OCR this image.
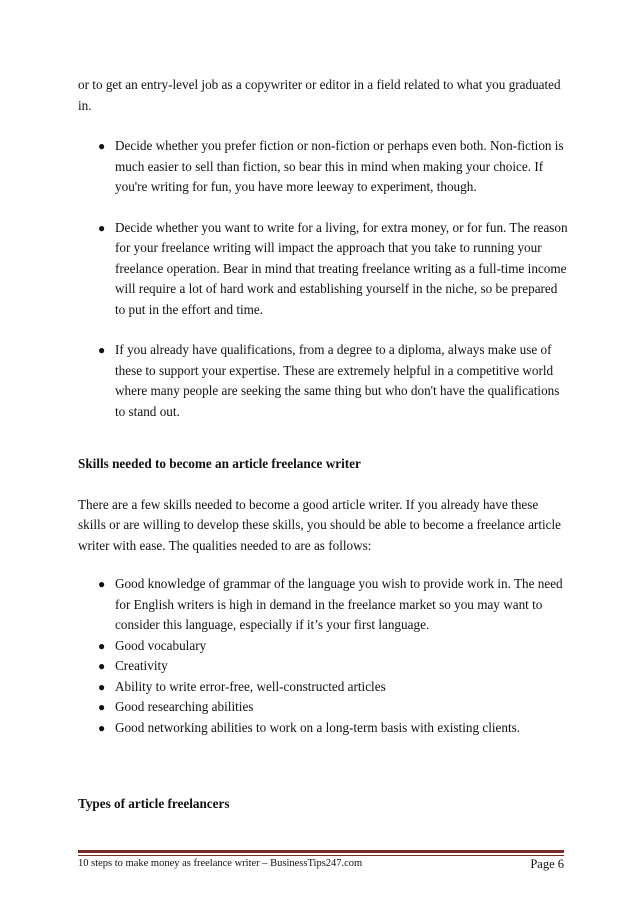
or to get an entry-level job as a copywriter or editor in a field related to what you graduated in.

● Decide whether you prefer fiction or non-fiction or perhaps even both. Non-fiction is much easier to sell than fiction, so bear this in mind when making your choice. If you're writing for fun, you have more leeway to experiment, though.
● Decide whether you want to write for a living, for extra money, or for fun. The reason for your freelance writing will impact the approach that you take to running your freelance operation. Bear in mind that treating freelance writing as a full-time income will require a lot of hard work and establishing yourself in the niche, so be prepared to put in the effort and time.
● If you already have qualifications, from a degree to a diploma, always make use of these to support your expertise. These are extremely helpful in a competitive world where many people are seeking the same thing but who don't have the qualifications to stand out.

Skills needed to become an article freelance writer

There are a few skills needed to become a good article writer. If you already have these skills or are willing to develop these skills, you should be able to become a freelance article writer with ease. The qualities needed to are as follows:

● Good knowledge of grammar of the language you wish to provide work in. The need for English writers is high in demand in the freelance market so you may want to consider this language, especially if it’s your first language.
● Good vocabulary
● Creativity
● Ability to write error-free, well-constructed articles
● Good researching abilities
● Good networking abilities to work on a long-term basis with existing clients.

Types of article freelancers

10 steps to make money as freelance writer – BusinessTips247.com	Page 6
